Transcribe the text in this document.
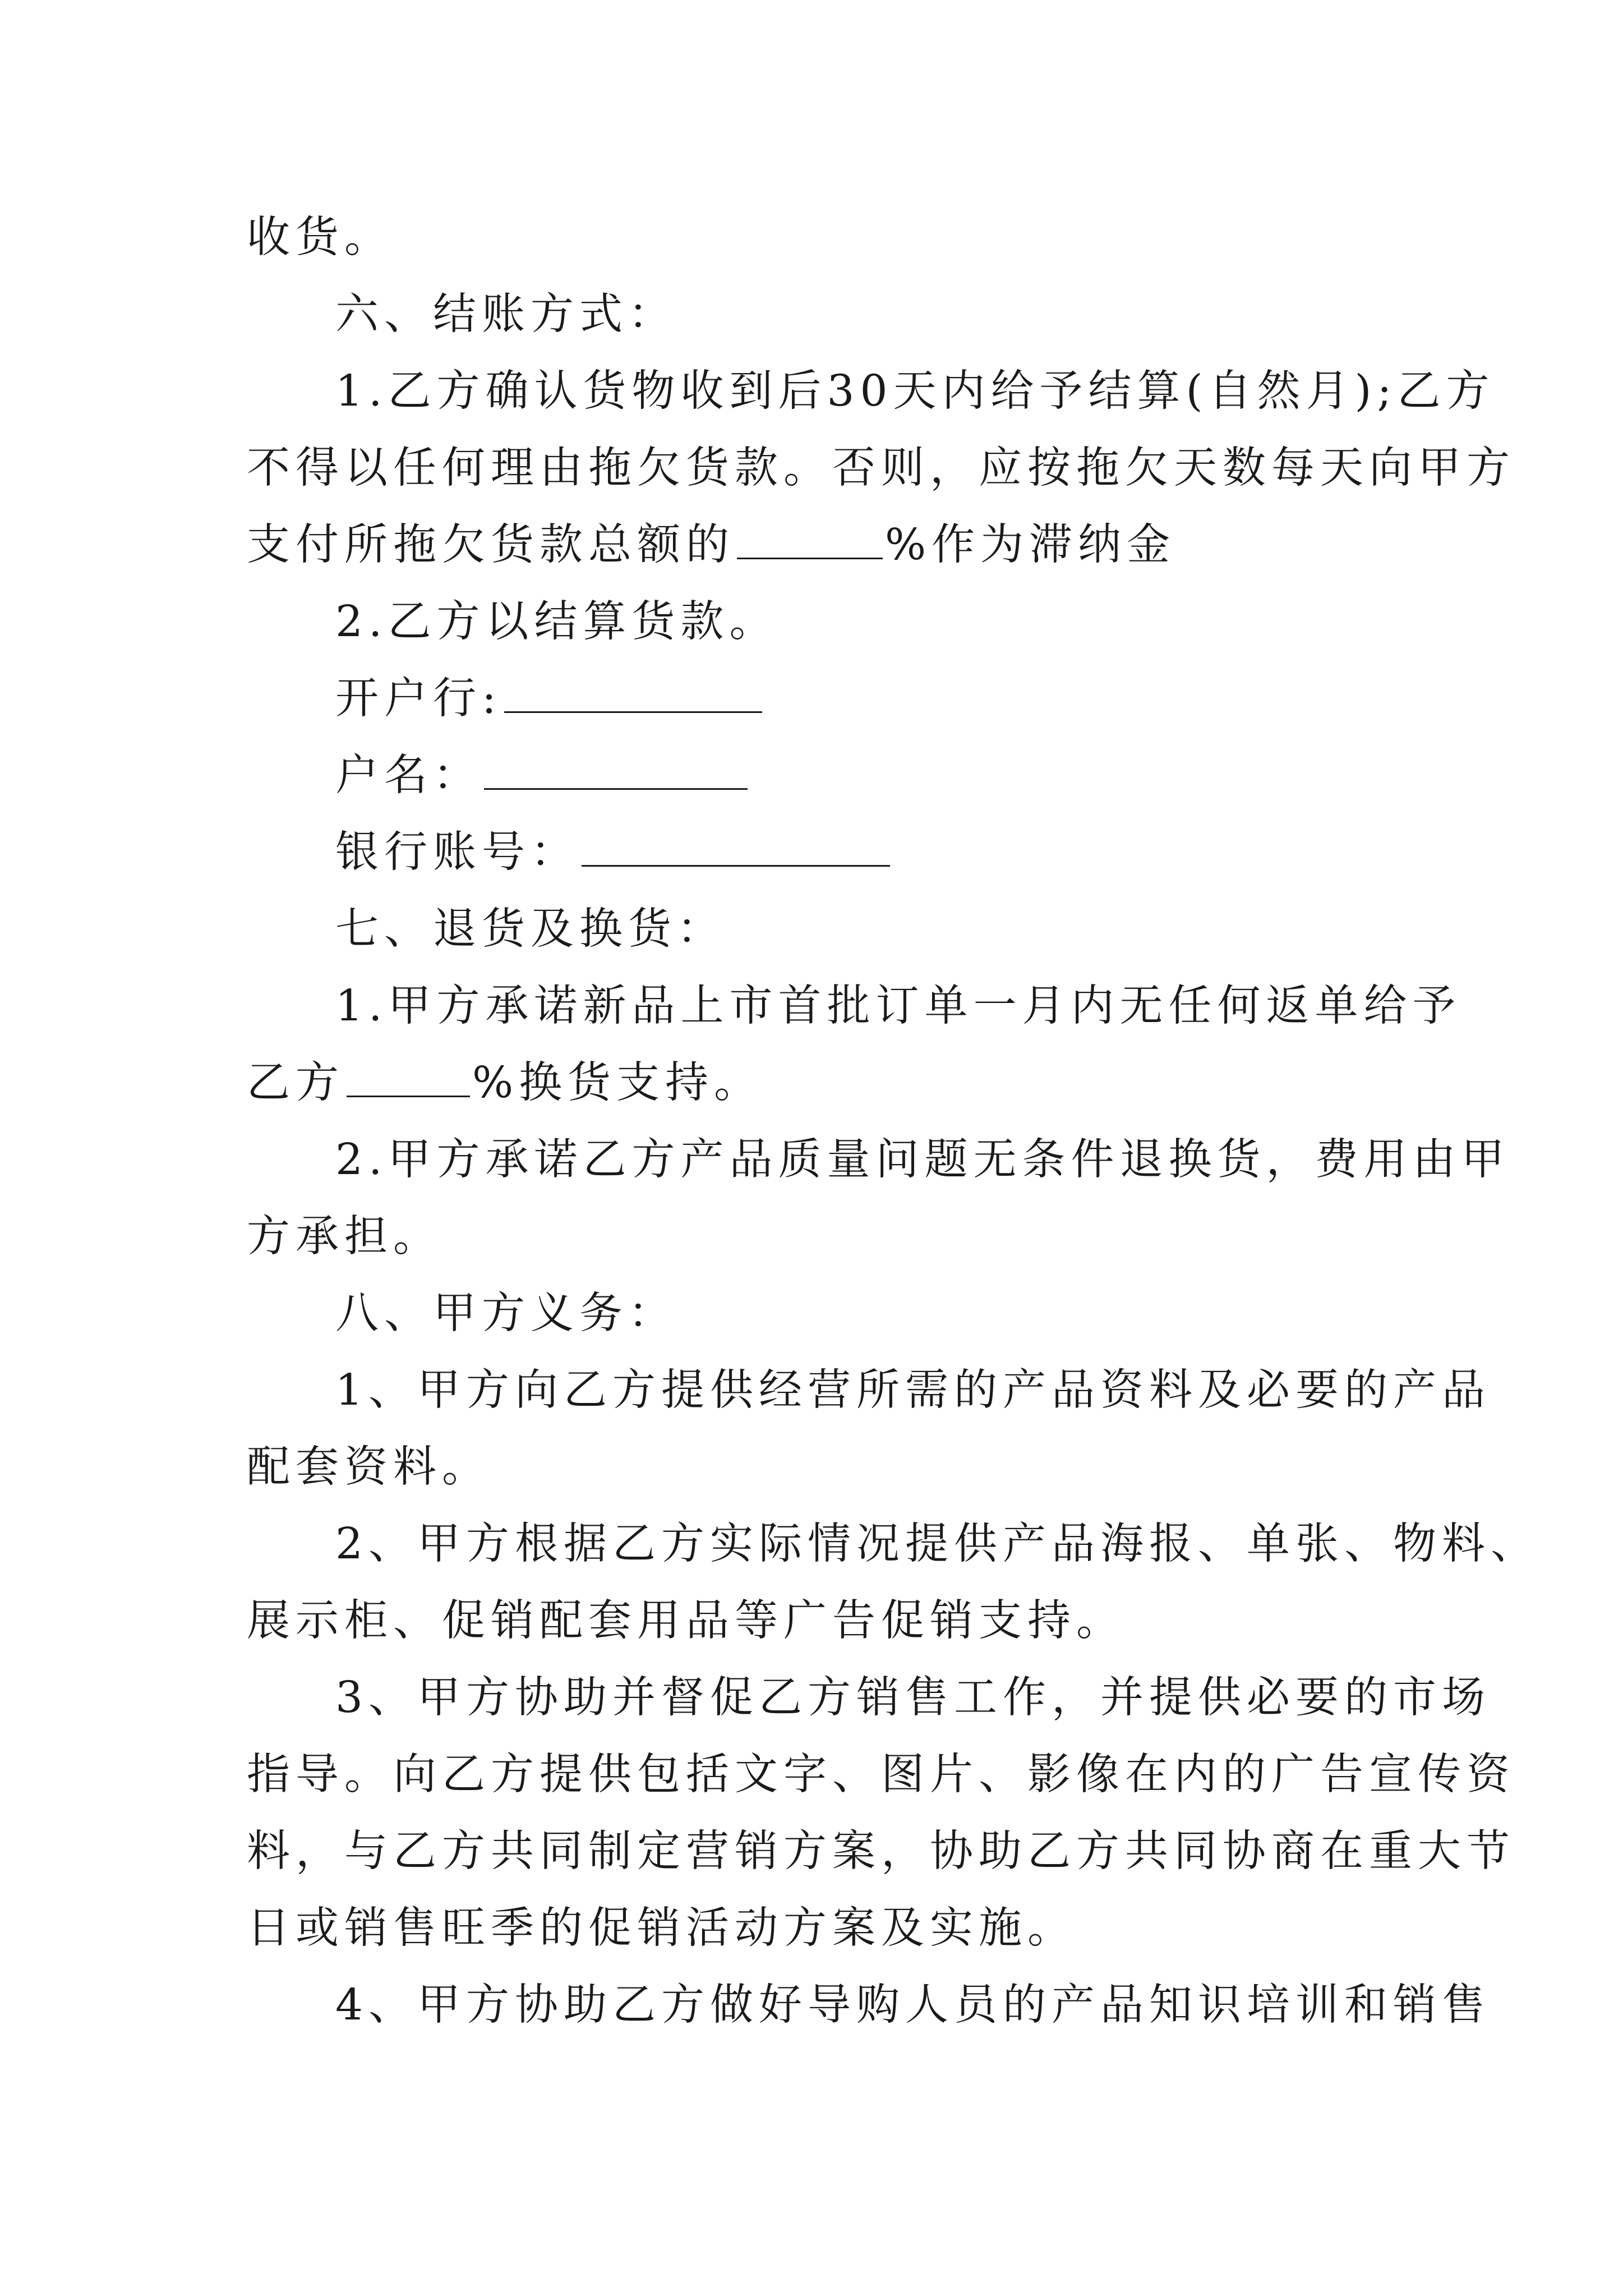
收货。
六、结账方式：
1.乙方确认货物收到后30天内给予结算(自然月);乙方
不得以任何理由拖欠货款。否则，应按拖欠天数每天向甲方
支付所拖欠货款总额的	%作为滞纳金
2.乙方以结算货款。
开户行:
户名：
银行账号：
七、退货及换货：
1.甲方承诺新品上市首批订单一月内无任何返单给予
乙方	%换货支持。
2.甲方承诺乙方产品质量问题无条件退换货，费用由甲
方承担。
八、甲方义务：
1、甲方向乙方提供经营所需的产品资料及必要的产品
配套资料。
2、甲方根据乙方实际情况提供产品海报、单张、物料、
展示柜、促销配套用品等广告促销支持。
3、甲方协助并督促乙方销售工作，并提供必要的市场
指导。向乙方提供包括文字、图片、影像在内的广告宣传资
料，与乙方共同制定营销方案，协助乙方共同协商在重大节
日或销售旺季的促销活动方案及实施。
4、甲方协助乙方做好导购人员的产品知识培训和销售
